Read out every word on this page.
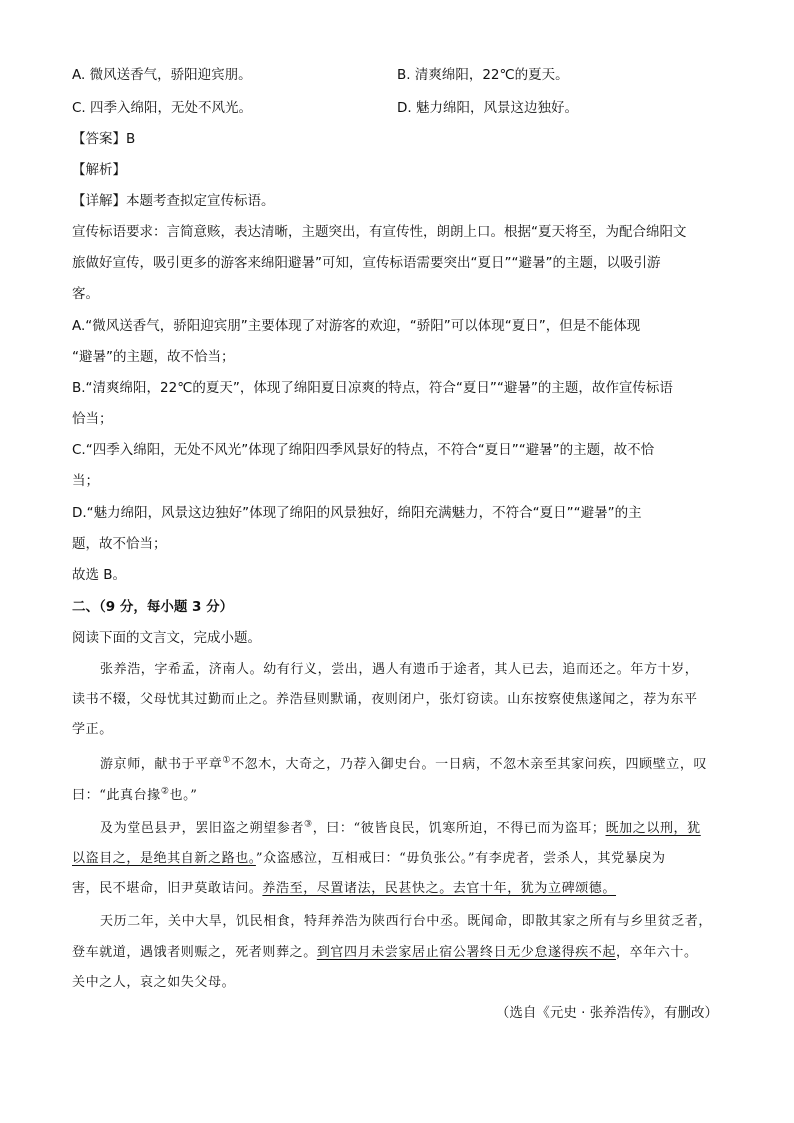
A. 微风送香气，骄阳迎宾朋。	B. 清爽绵阳，22℃的夏天。
C. 四季入绵阳，无处不风光。	D. 魅力绵阳，风景这边独好。
【答案】B
【解析】
【详解】本题考查拟定宣传标语。
宣传标语要求：言简意赅，表达清晰，主题突出，有宣传性，朗朗上口。根据“夏天将至，为配合绵阳文
旅做好宣传，吸引更多的游客来绵阳避暑”可知，宣传标语需要突出“夏日”“避暑”的主题，以吸引游
客。
A.“微风送香气，骄阳迎宾朋”主要体现了对游客的欢迎，“骄阳”可以体现“夏日”，但是不能体现
“避暑”的主题，故不恰当；
B.“清爽绵阳，22℃的夏天”，体现了绵阳夏日凉爽的特点，符合“夏日”“避暑”的主题，故作宣传标语
恰当；
C.“四季入绵阳，无处不风光”体现了绵阳四季风景好的特点，不符合“夏日”“避暑”的主题，故不恰
当；
D.“魅力绵阳，风景这边独好”体现了绵阳的风景独好，绵阳充满魅力，不符合“夏日”“避暑”的主
题，故不恰当；
故选 B。
二、（9 分，每小题 3 分）
阅读下面的文言文，完成小题。
张养浩，字希孟，济南人。幼有行义，尝出，遇人有遗币于途者，其人已去，追而还之。年方十岁，
读书不辍，父母忧其过勤而止之。养浩昼则默诵，夜则闭户，张灯窃读。山东按察使焦遂闻之，荐为东平
学正。
游京师，献书于平章①不忽木，大奇之，乃荐入御史台。一日病，不忽木亲至其家问疾，四顾壁立，叹
曰：“此真台掾②也。”
及为堂邑县尹，罢旧盗之朔望参者③，曰：“彼皆良民，饥寒所迫，不得已而为盗耳；既加之以刑，犹
以盗目之，是绝其自新之路也。”众盗感泣，互相戒曰：“毋负张公。”有李虎者，尝杀人，其党暴戾为
害，民不堪命，旧尹莫敢诘问。养浩至，尽置诸法，民甚快之。去官十年，犹为立碑颂德。
天历二年，关中大旱，饥民相食，特拜养浩为陕西行台中丞。既闻命，即散其家之所有与乡里贫乏者，
登车就道，遇饿者则赈之，死者则葬之。到官四月未尝家居止宿公署终日无少怠遂得疾不起，卒年六十。
关中之人，哀之如失父母。
（选自《元史 · 张养浩传》，有删改）
